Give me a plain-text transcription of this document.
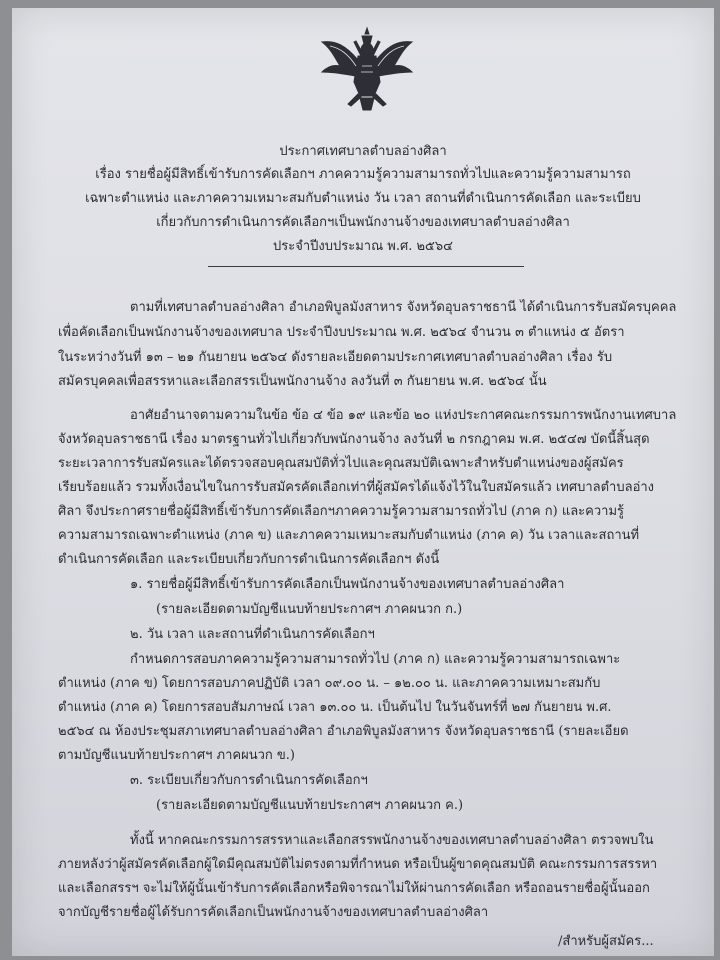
ประกาศเทศบาลตำบลอ่างศิลา
เรื่อง รายชื่อผู้มีสิทธิ์เข้ารับการคัดเลือกฯ ภาคความรู้ความสามารถทั่วไปและความรู้ความสามารถ
เฉพาะตำแหน่ง และภาคความเหมาะสมกับตำแหน่ง วัน เวลา สถานที่ดำเนินการคัดเลือก และระเบียบ
เกี่ยวกับการดำเนินการคัดเลือกฯเป็นพนักงานจ้างของเทศบาลตำบลอ่างศิลา
ประจำปีงบประมาณ พ.ศ. ๒๕๖๔
ตามที่เทศบาลตำบลอ่างศิลา อำเภอพิบูลมังสาหาร จังหวัดอุบลราชธานี ได้ดำเนินการรับสมัครบุคคล
เพื่อคัดเลือกเป็นพนักงานจ้างของเทศบาล ประจำปีงบประมาณ พ.ศ. ๒๕๖๔ จำนวน ๓ ตำแหน่ง ๕ อัตรา
ในระหว่างวันที่ ๑๓ – ๒๑ กันยายน ๒๕๖๔ ดังรายละเอียดตามประกาศเทศบาลตำบลอ่างศิลา เรื่อง รับ
สมัครบุคคลเพื่อสรรหาและเลือกสรรเป็นพนักงานจ้าง ลงวันที่ ๓ กันยายน พ.ศ. ๒๕๖๔ นั้น
อาศัยอำนาจตามความในข้อ ข้อ ๔ ข้อ ๑๙ และข้อ ๒๐ แห่งประกาศคณะกรรมการพนักงานเทศบาล
จังหวัดอุบลราชธานี เรื่อง มาตรฐานทั่วไปเกี่ยวกับพนักงานจ้าง ลงวันที่ ๒ กรกฎาคม พ.ศ. ๒๕๔๗ บัดนี้สิ้นสุด
ระยะเวลาการรับสมัครและได้ตรวจสอบคุณสมบัติทั่วไปและคุณสมบัติเฉพาะสำหรับตำแหน่งของผู้สมัคร
เรียบร้อยแล้ว รวมทั้งเงื่อนไขในการรับสมัครคัดเลือกเท่าที่ผู้สมัครได้แจ้งไว้ในใบสมัครแล้ว เทศบาลตำบลอ่าง
ศิลา จึงประกาศรายชื่อผู้มีสิทธิ์เข้ารับการคัดเลือกฯภาคความรู้ความสามารถทั่วไป (ภาค ก) และความรู้
ความสามารถเฉพาะตำแหน่ง (ภาค ข) และภาคความเหมาะสมกับตำแหน่ง (ภาค ค) วัน เวลาและสถานที่
ดำเนินการคัดเลือก และระเบียบเกี่ยวกับการดำเนินการคัดเลือกฯ ดังนี้
๑. รายชื่อผู้มีสิทธิ์เข้ารับการคัดเลือกเป็นพนักงานจ้างของเทศบาลตำบลอ่างศิลา
(รายละเอียดตามบัญชีแนบท้ายประกาศฯ ภาคผนวก ก.)
๒. วัน เวลา และสถานที่ดำเนินการคัดเลือกฯ
กำหนดการสอบภาคความรู้ความสามารถทั่วไป (ภาค ก) และความรู้ความสามารถเฉพาะ
ตำแหน่ง (ภาค ข) โดยการสอบภาคปฏิบัติ เวลา ๐๙.๐๐ น. – ๑๒.๐๐ น. และภาคความเหมาะสมกับ
ตำแหน่ง (ภาค ค) โดยการสอบสัมภาษณ์ เวลา ๑๓.๐๐ น. เป็นต้นไป ในวันจันทร์ที่ ๒๗ กันยายน พ.ศ.
๒๕๖๔ ณ ห้องประชุมสภาเทศบาลตำบลอ่างศิลา อำเภอพิบูลมังสาหาร จังหวัดอุบลราชธานี (รายละเอียด
ตามบัญชีแนบท้ายประกาศฯ ภาคผนวก ข.)
๓. ระเบียบเกี่ยวกับการดำเนินการคัดเลือกฯ
(รายละเอียดตามบัญชีแนบท้ายประกาศฯ ภาคผนวก ค.)
ทั้งนี้ หากคณะกรรมการสรรหาและเลือกสรรพนักงานจ้างของเทศบาลตำบลอ่างศิลา ตรวจพบใน
ภายหลังว่าผู้สมัครคัดเลือกผู้ใดมีคุณสมบัติไม่ตรงตามที่กำหนด หรือเป็นผู้ขาดคุณสมบัติ คณะกรรมการสรรหา
และเลือกสรรฯ จะไม่ให้ผู้นั้นเข้ารับการคัดเลือกหรือพิจารณาไม่ให้ผ่านการคัดเลือก หรือถอนรายชื่อผู้นั้นออก
จากบัญชีรายชื่อผู้ได้รับการคัดเลือกเป็นพนักงานจ้างของเทศบาลตำบลอ่างศิลา
/สำหรับผู้สมัคร...
